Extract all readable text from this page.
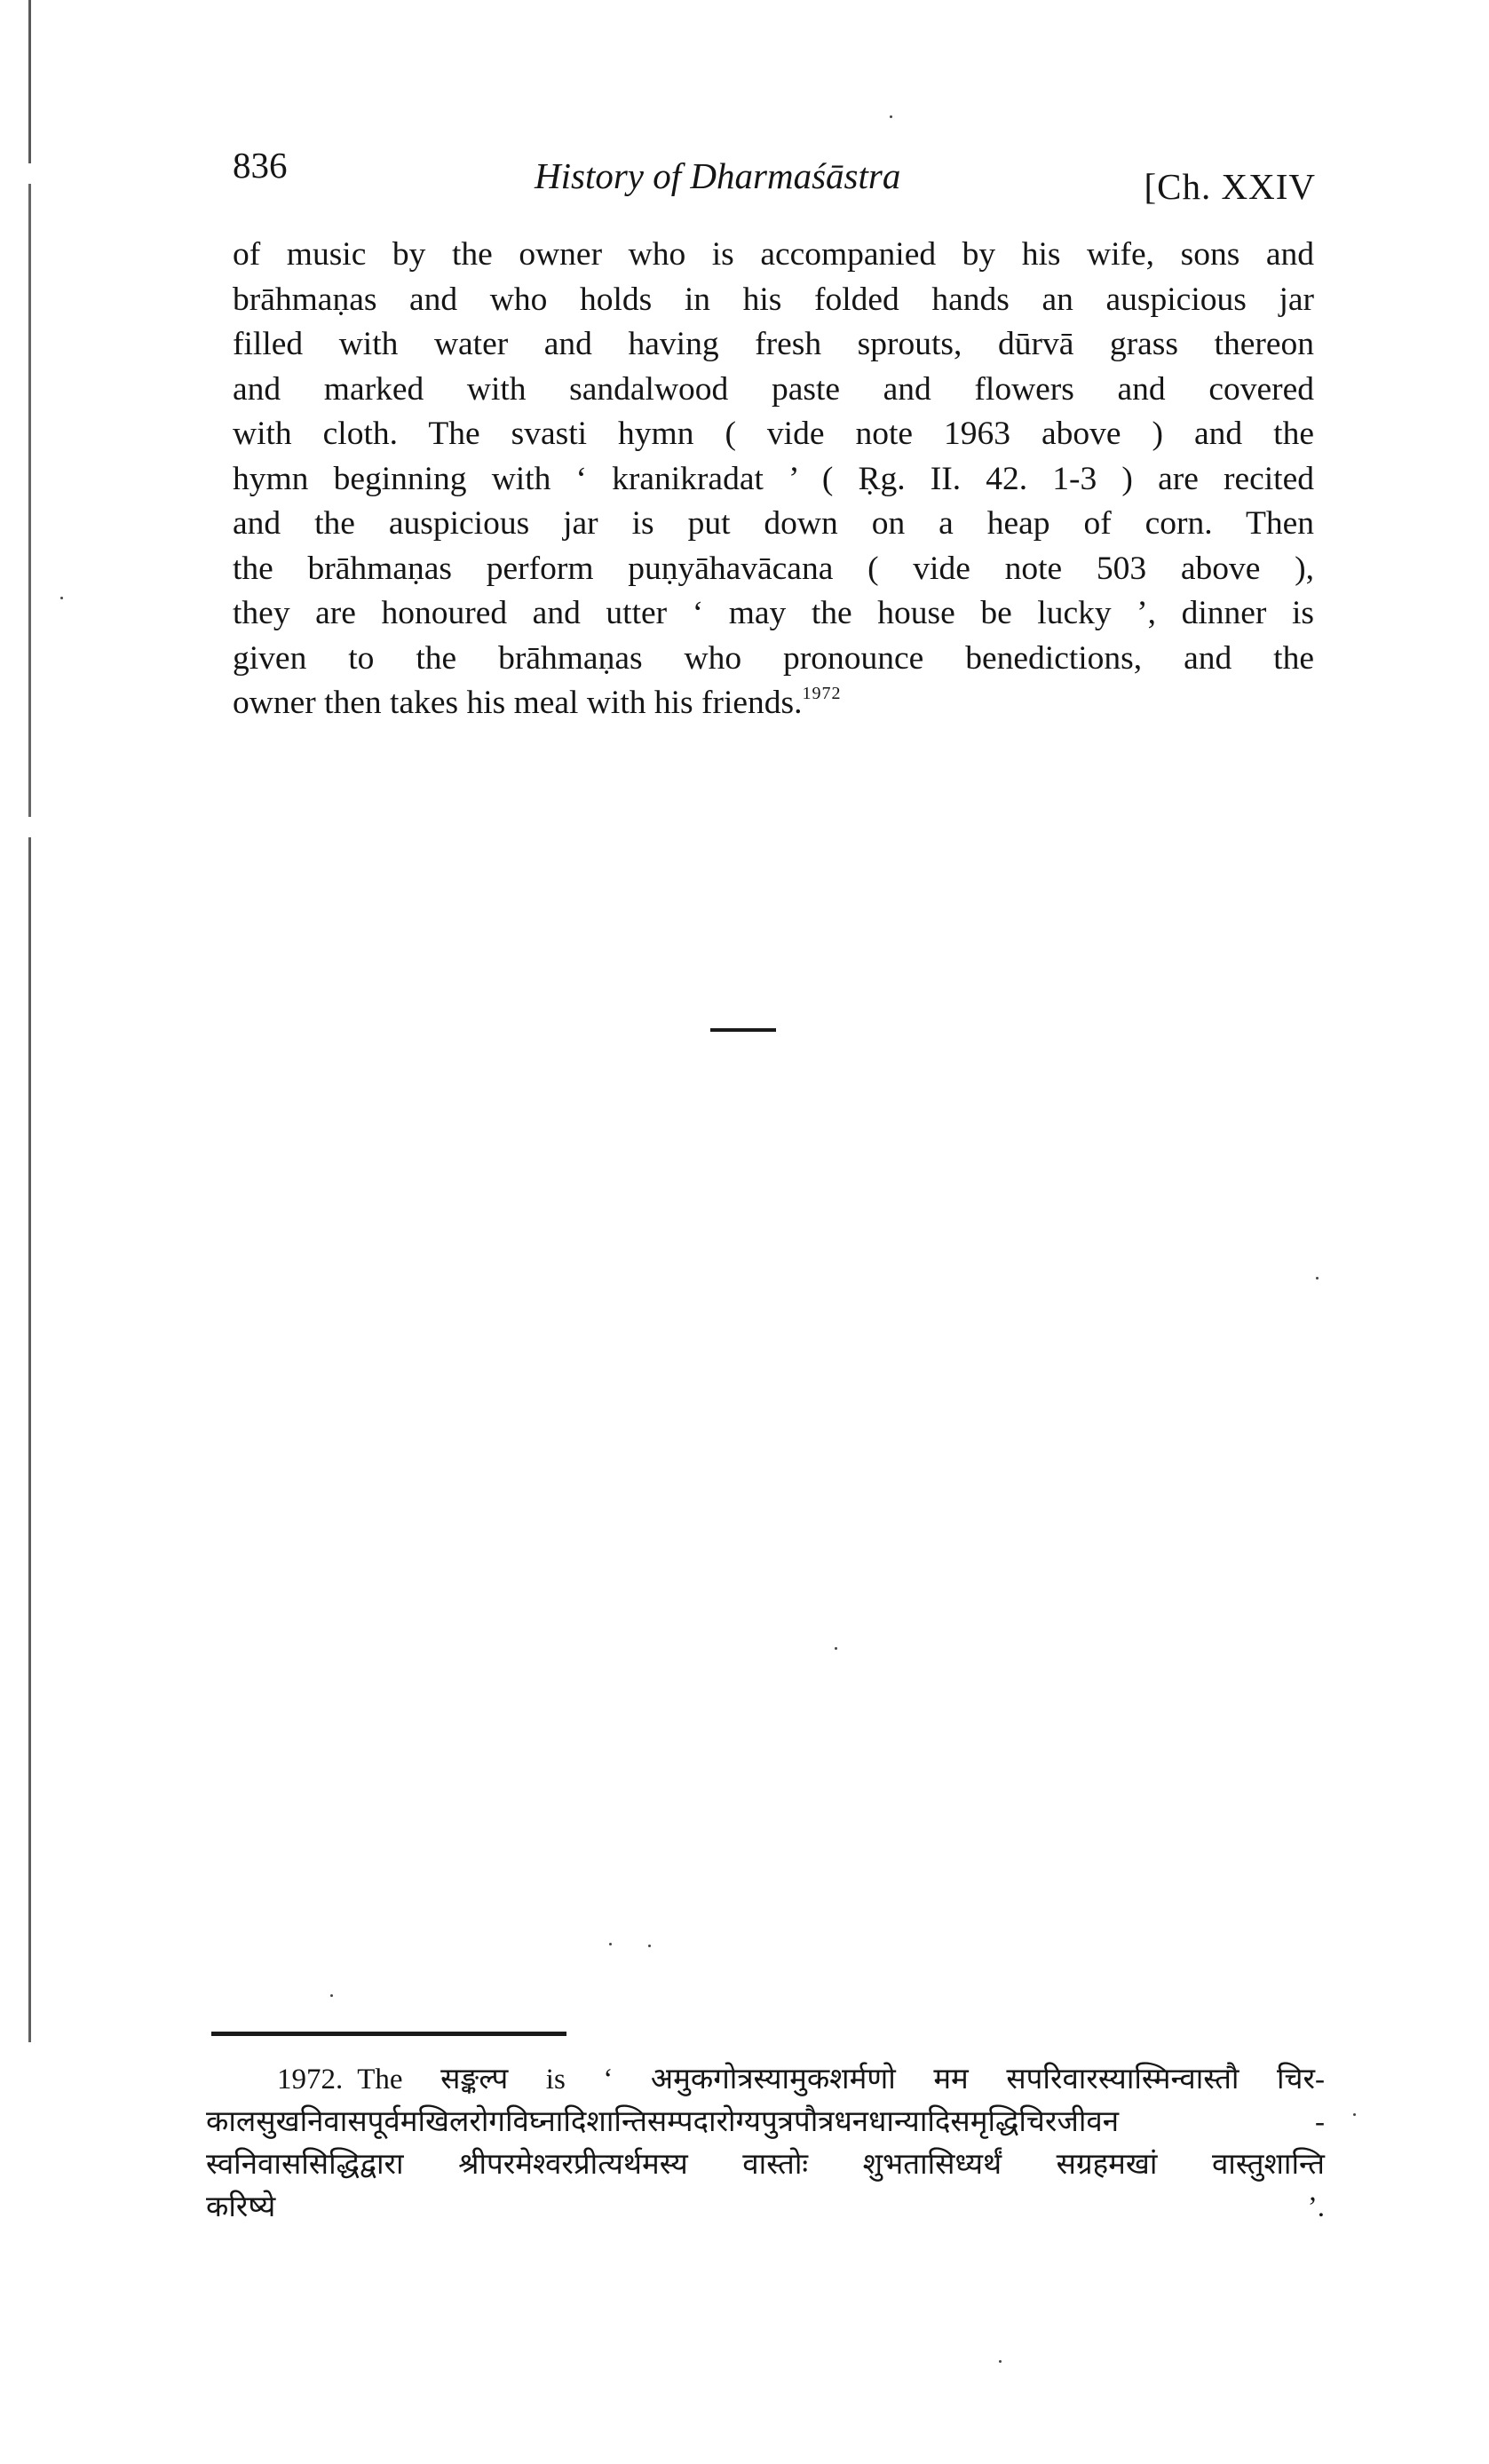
836	History of Dharmaśāstra	[Ch. XXIV
of music by the owner who is accompanied by his wife, sons and
brāhmaṇas and who holds in his folded hands an auspicious jar
filled with water and having fresh sprouts, dūrvā grass thereon
and marked with sandalwood paste and flowers and covered
with cloth. The svasti hymn ( vide note 1963 above ) and the
hymn beginning with ‘ kranikradat ’ ( Ṛg. II. 42. 1-3 ) are recited
and the auspicious jar is put down on a heap of corn. Then
the brāhmaṇas perform puṇyāhavācana ( vide note 503 above ),
they are honoured and utter ‘ may the house be lucky ’, dinner is
given to the brāhmaṇas who pronounce benedictions, and the
owner then takes his meal with his friends.$^{1972}$
1972. The सङ्कल्प is ‘ अमुकगोत्रस्यामुकशर्मणो मम सपरिवारस्यास्मिन्वास्तौ चिर-
कालसुखनिवासपूर्वमखिलरोगविघ्नादिशान्तिसम्पदारोग्यपुत्रपौत्रधनधान्यादिसमृद्धिचिरजीवन -
स्वनिवाससिद्धिद्वारा श्रीपरमेश्वरप्रीत्यर्थमस्य वास्तोः शुभतासिध्यर्थं सग्रहमखां वास्तुशान्ति
करिष्ये ’.
